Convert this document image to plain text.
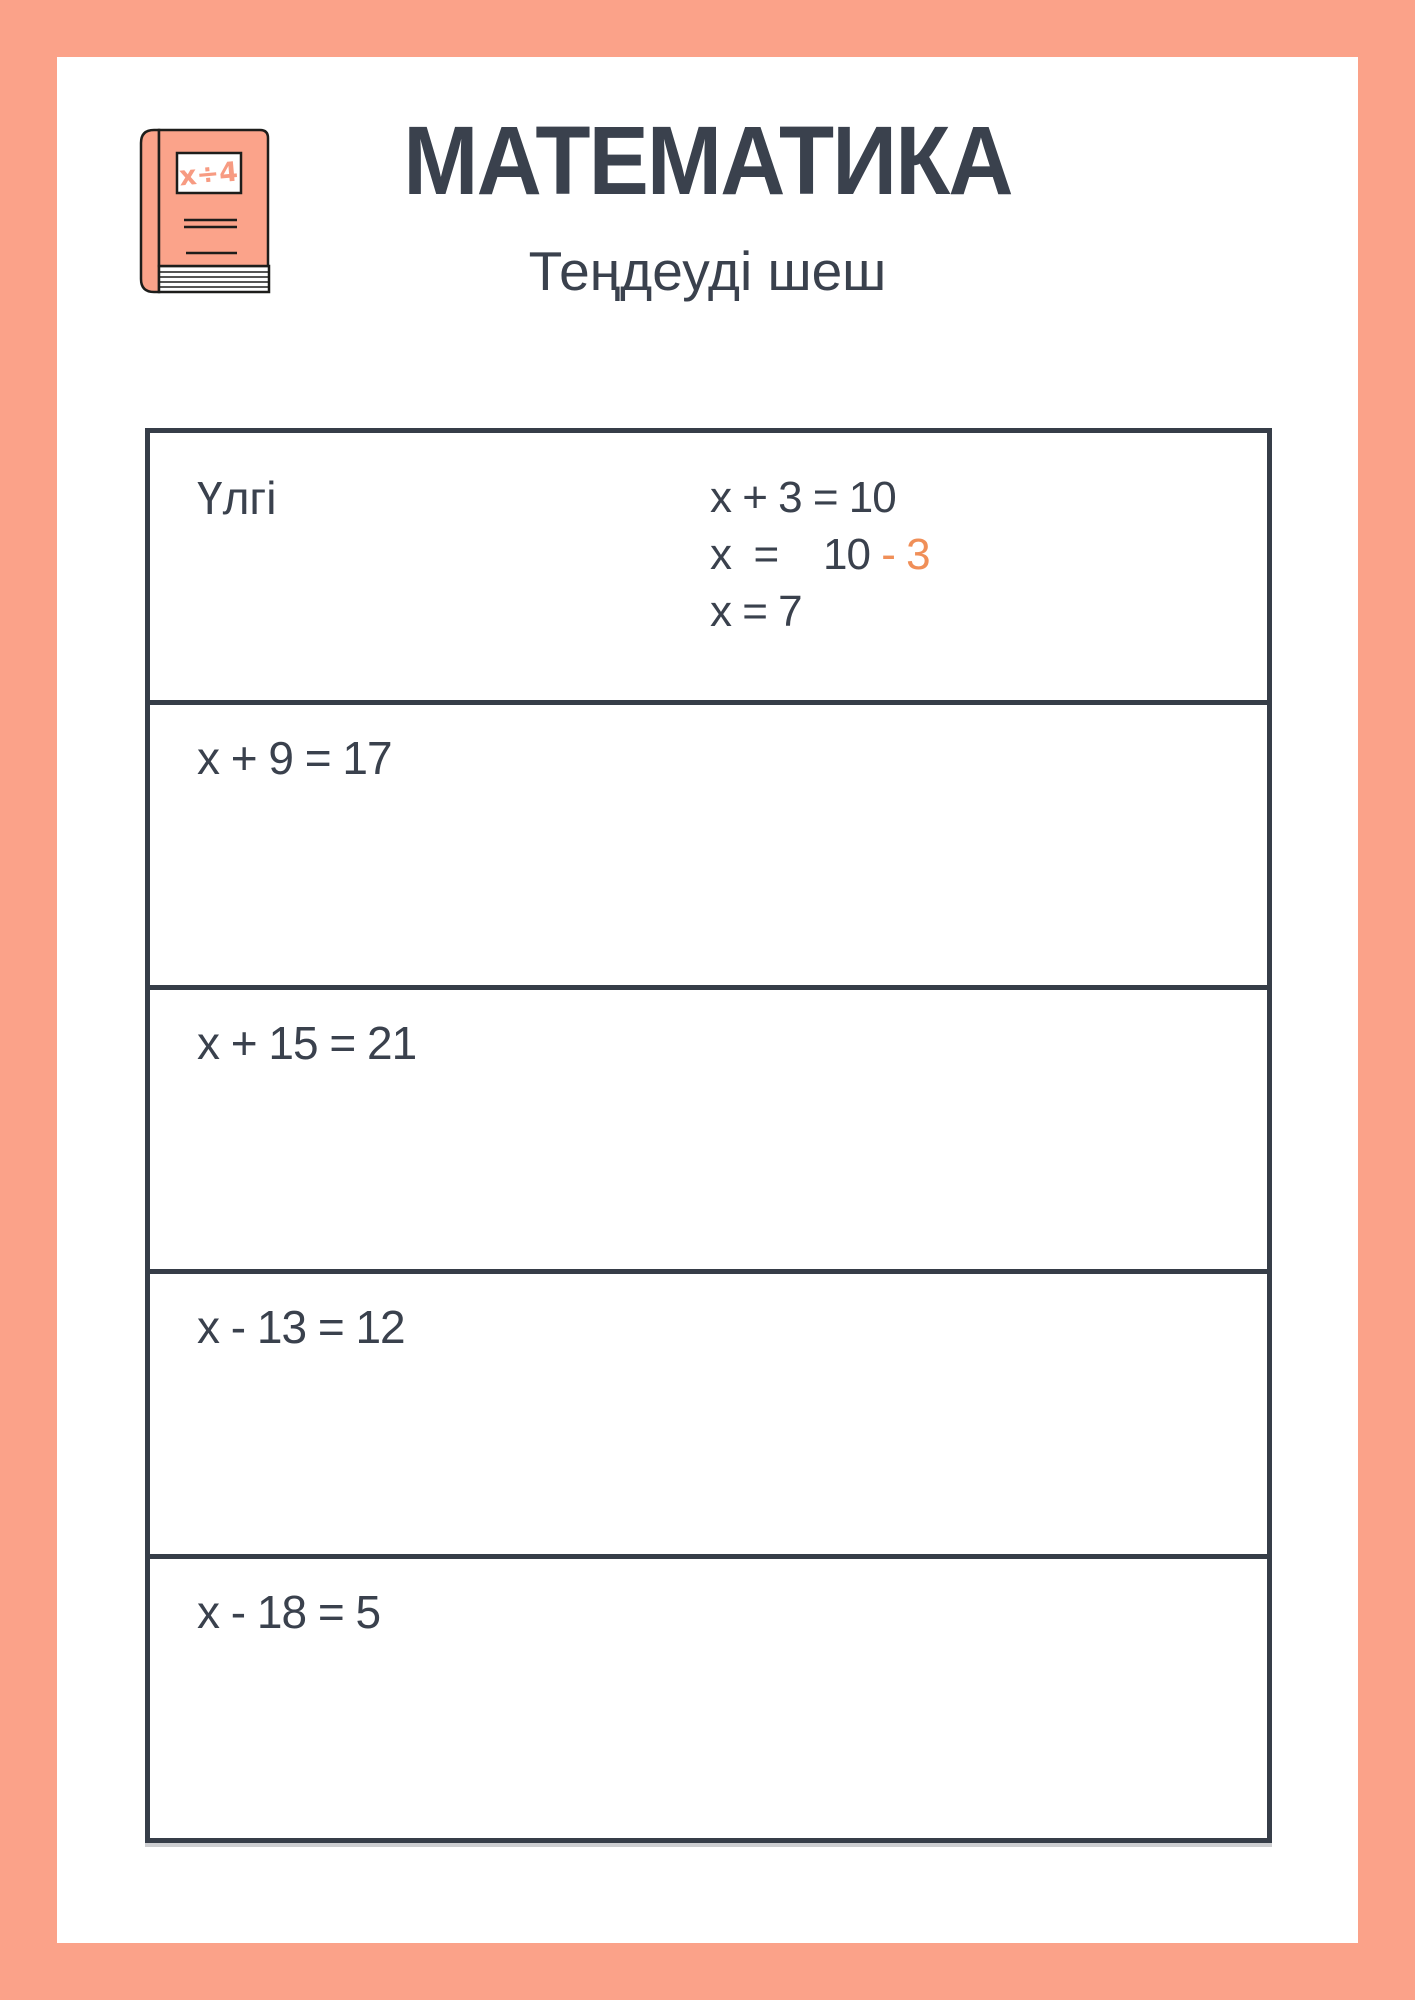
x÷4	МАТЕМАТИКА
Теңдеуді шеш
Үлгі	x + 3 = 10
x  =    10 - 3
x = 7
x + 9 = 17
x + 15 = 21
x - 13 = 12
x - 18 = 5
